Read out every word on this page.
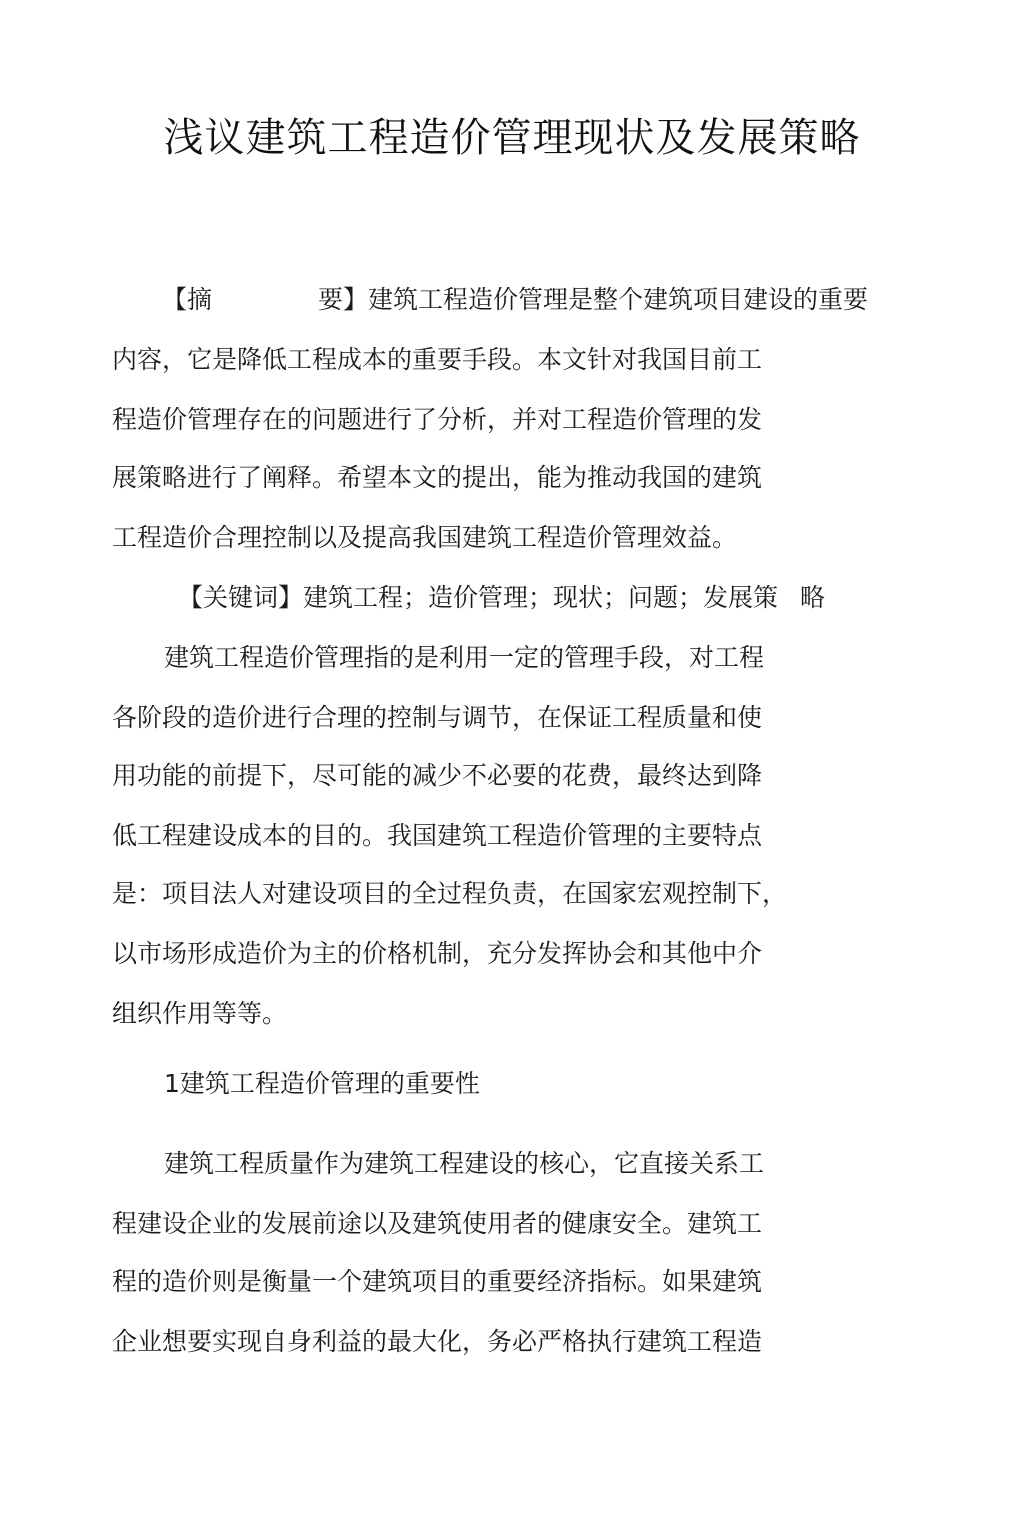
浅议建筑工程造价管理现状及发展策略
【摘	要】建筑工程造价管理是整个建筑项目建设的重要
内容，它是降低工程成本的重要手段。本文针对我国目前工
程造价管理存在的问题进行了分析，并对工程造价管理的发
展策略进行了阐释。希望本文的提出，能为推动我国的建筑
工程造价合理控制以及提高我国建筑工程造价管理效益。
【关键词】建筑工程；造价管理；现状；问题；发展策 略
建筑工程造价管理指的是利用一定的管理手段，对工程
各阶段的造价进行合理的控制与调节，在保证工程质量和使
用功能的前提下，尽可能的减少不必要的花费，最终达到降
低工程建设成本的目的。我国建筑工程造价管理的主要特点
是：项目法人对建设项目的全过程负责，在国家宏观控制下，
以市场形成造价为主的价格机制，充分发挥协会和其他中介
组织作用等等。
1建筑工程造价管理的重要性
建筑工程质量作为建筑工程建设的核心，它直接关系工
程建设企业的发展前途以及建筑使用者的健康安全。建筑工
程的造价则是衡量一个建筑项目的重要经济指标。如果建筑
企业想要实现自身利益的最大化，务必严格执行建筑工程造
